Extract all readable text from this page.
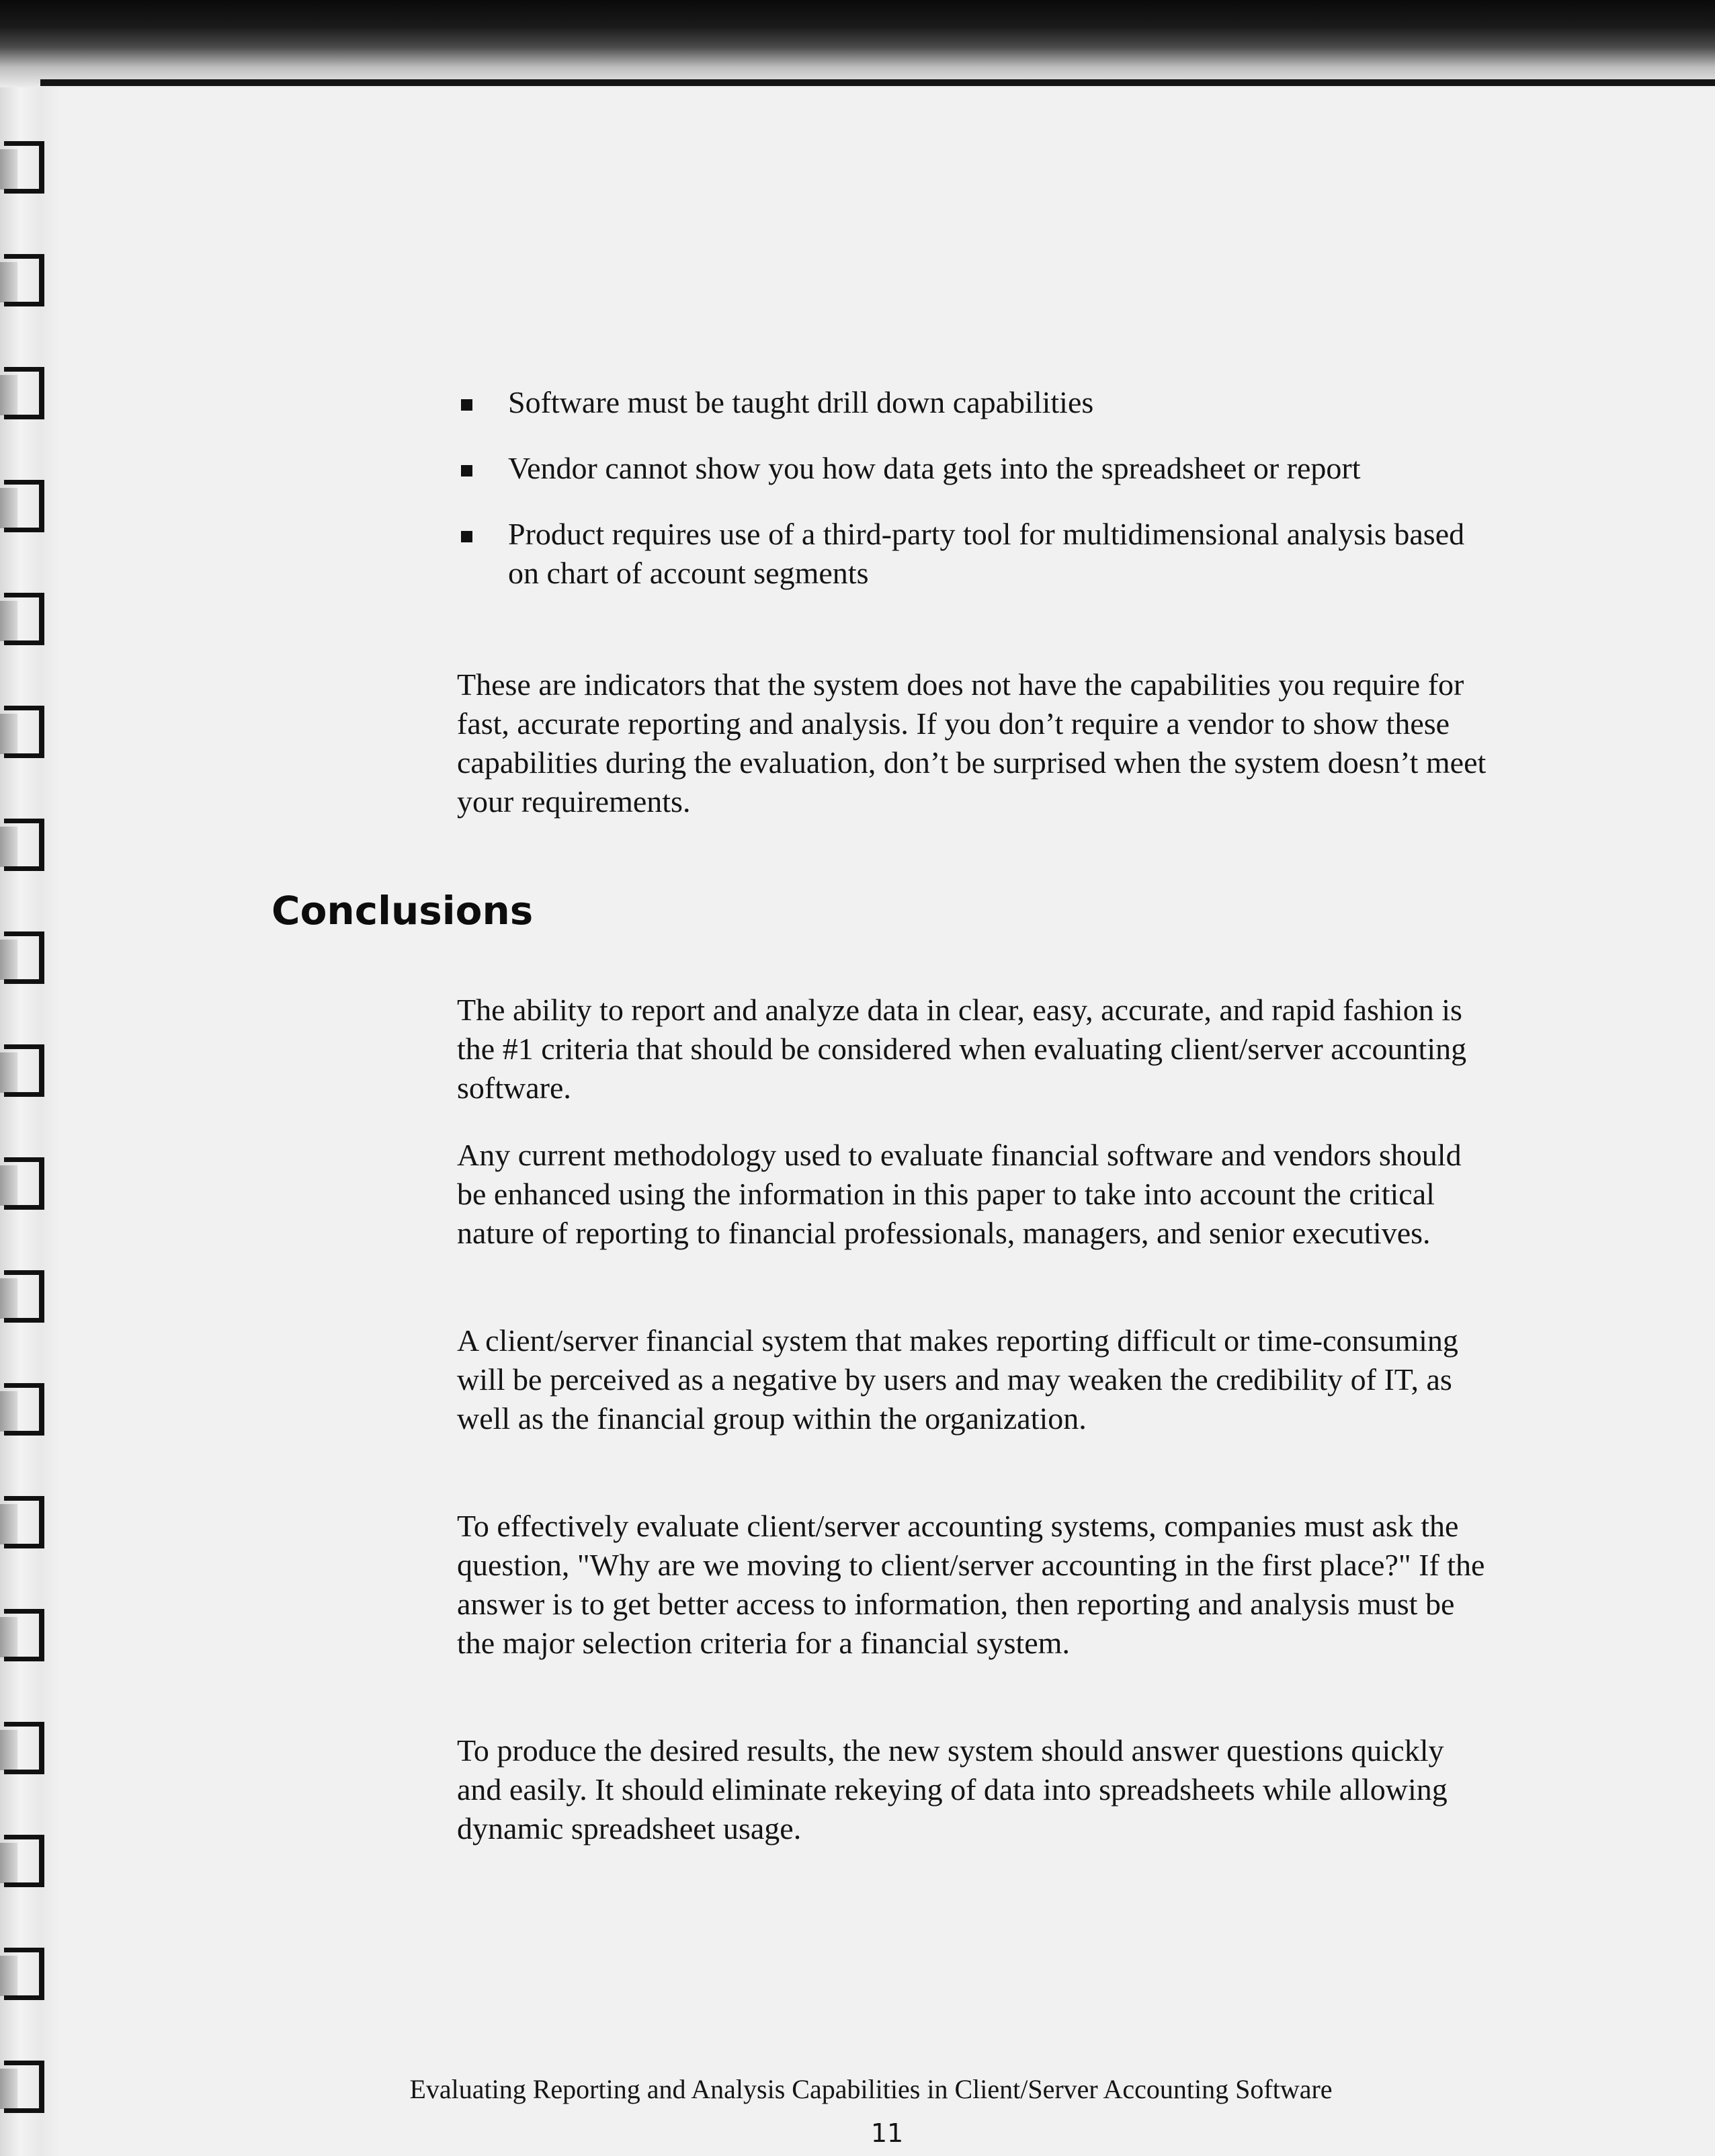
Software must be taught drill down capabilities
Vendor cannot show you how data gets into the spreadsheet or report
Product requires use of a third-party tool for multidimensional analysis based on chart of account segments

These are indicators that the system does not have the capabilities you require for fast, accurate reporting and analysis. If you don’t require a vendor to show these capabilities during the evaluation, don’t be surprised when the system doesn’t meet your requirements.

Conclusions

The ability to report and analyze data in clear, easy, accurate, and rapid fashion is the #1 criteria that should be considered when evaluating client/server accounting software.

Any current methodology used to evaluate financial software and vendors should be enhanced using the information in this paper to take into account the critical nature of reporting to financial professionals, managers, and senior executives.

A client/server financial system that makes reporting difficult or time-consuming will be perceived as a negative by users and may weaken the credibility of IT, as well as the financial group within the organization.

To effectively evaluate client/server accounting systems, companies must ask the question, "Why are we moving to client/server accounting in the first place?" If the answer is to get better access to information, then reporting and analysis must be the major selection criteria for a financial system.

To produce the desired results, the new system should answer questions quickly and easily. It should eliminate rekeying of data into spreadsheets while allowing dynamic spreadsheet usage.

Evaluating Reporting and Analysis Capabilities in Client/Server Accounting Software

11
